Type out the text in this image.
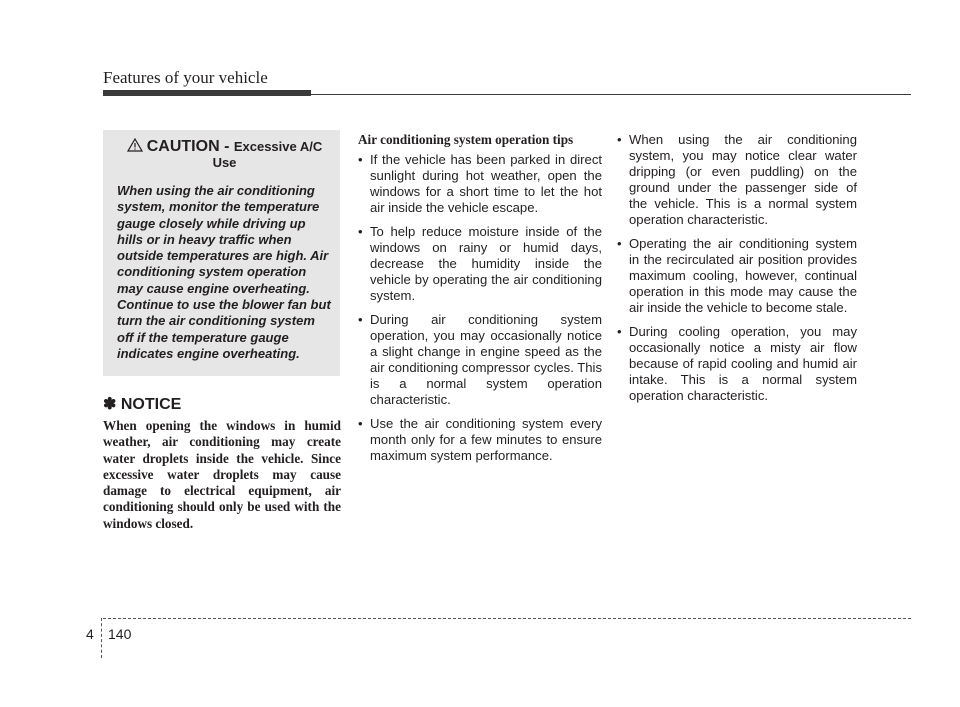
Features of your vehicle
CAUTION - Excessive A/C
Use
When using the air conditioning system, monitor the temperature gauge closely while driving up hills or in heavy traffic when outside temperatures are high. Air conditioning system operation may cause engine overheating. Continue to use the blower fan but turn the air conditioning system off if the temperature gauge indicates engine overheating.
✽ NOTICE
When opening the windows in humid weather, air conditioning may create water droplets inside the vehicle. Since excessive water droplets may cause damage to electrical equipment, air conditioning should only be used with the windows closed.
Air conditioning system operation tips
• If the vehicle has been parked in direct sunlight during hot weather, open the windows for a short time to let the hot air inside the vehicle escape.
• To help reduce moisture inside of the windows on rainy or humid days, decrease the humidity inside the vehicle by operating the air conditioning system.
• During air conditioning system operation, you may occasionally notice a slight change in engine speed as the air conditioning compressor cycles. This is a normal system operation characteristic.
• Use the air conditioning system every month only for a few minutes to ensure maximum system performance.
• When using the air conditioning system, you may notice clear water dripping (or even puddling) on the ground under the passenger side of the vehicle. This is a normal system operation characteristic.
• Operating the air conditioning system in the recirculated air position provides maximum cooling, however, continual operation in this mode may cause the air inside the vehicle to become stale.
• During cooling operation, you may occasionally notice a misty air flow because of rapid cooling and humid air intake. This is a normal system operation characteristic.
4 140
